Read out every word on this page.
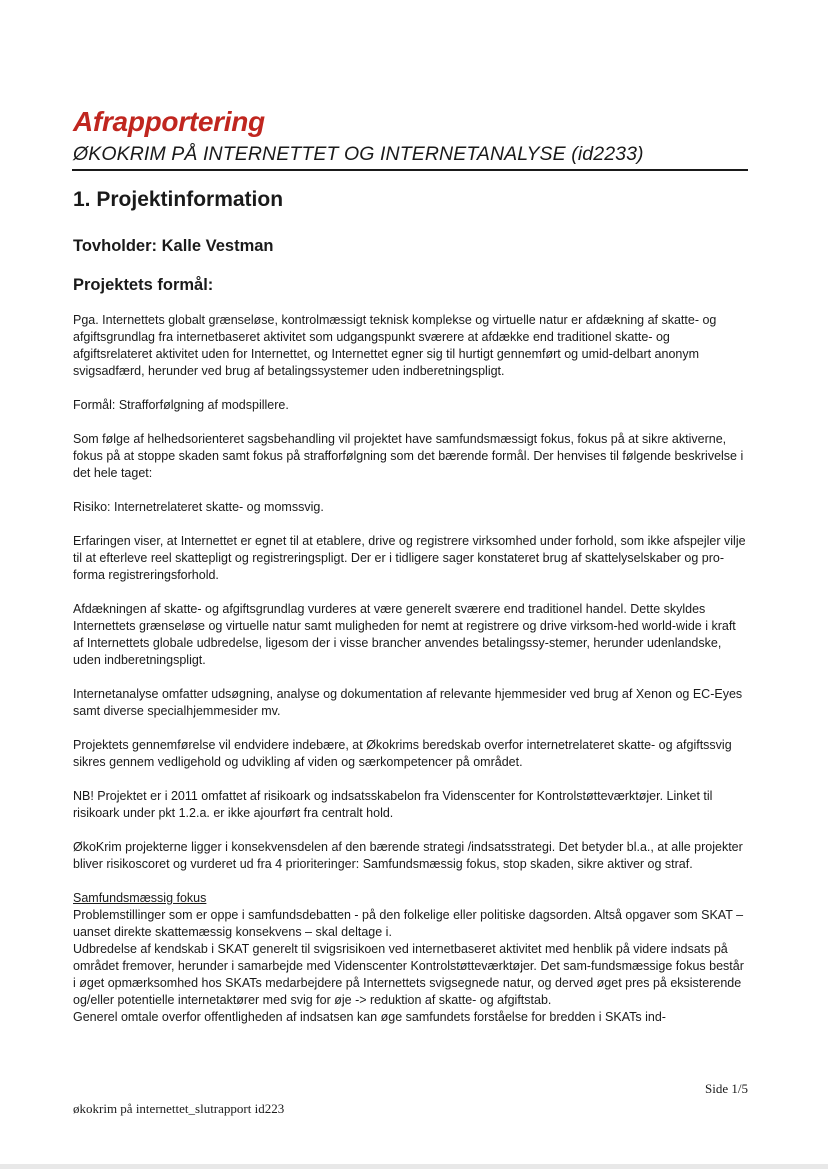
Afrapportering
ØKOKRIM PÅ INTERNETTET OG INTERNETANALYSE (id2233)
1. Projektinformation
Tovholder: Kalle Vestman
Projektets formål:

Pga. Internettets globalt grænseløse, kontrolmæssigt teknisk komplekse og virtuelle natur er afdækning af skatte- og afgiftsgrundlag fra internetbaseret aktivitet som udgangspunkt sværere at afdække end traditionel skatte- og afgiftsrelateret aktivitet uden for Internettet, og Internettet egner sig til hurtigt gennemført og umid-delbart anonym svigsadfærd, herunder ved brug af betalingssystemer uden indberetningspligt.

Formål: Strafforfølgning af modspillere.

Som følge af helhedsorienteret sagsbehandling vil projektet have samfundsmæssigt fokus, fokus på at sikre aktiverne, fokus på at stoppe skaden samt fokus på strafforfølgning som det bærende formål. Der henvises til følgende beskrivelse i det hele taget:

Risiko: Internetrelateret skatte- og momssvig.

Erfaringen viser, at Internettet er egnet til at etablere, drive og registrere virksomhed under forhold, som ikke afspejler vilje til at efterleve reel skattepligt og registreringspligt. Der er i tidligere sager konstateret brug af skattelyselskaber og pro-forma registreringsforhold.

Afdækningen af skatte- og afgiftsgrundlag vurderes at være generelt sværere end traditionel handel. Dette skyldes Internettets grænseløse og virtuelle natur samt muligheden for nemt at registrere og drive virksom-hed world-wide i kraft af Internettets globale udbredelse, ligesom der i visse brancher anvendes betalingssy-stemer, herunder udenlandske, uden indberetningspligt.

Internetanalyse omfatter udsøgning, analyse og dokumentation af relevante hjemmesider ved brug af Xenon og EC-Eyes samt diverse specialhjemmesider mv.

Projektets gennemførelse vil endvidere indebære, at Økokrims beredskab overfor internetrelateret skatte- og afgiftssvig sikres gennem vedligehold og udvikling af viden og særkompetencer på området.

NB! Projektet er i 2011 omfattet af risikoark og indsatsskabelon fra Videnscenter for Kontrolstøtteværktøjer. Linket til risikoark under pkt 1.2.a. er ikke ajourført fra centralt hold.

ØkoKrim projekterne ligger i konsekvensdelen af den bærende strategi /indsatsstrategi. Det betyder bl.a., at alle projekter bliver risikoscoret og vurderet ud fra 4 prioriteringer: Samfundsmæssig fokus, stop skaden, sikre aktiver og straf.

Samfundsmæssig fokus

Problemstillinger som er oppe i samfundsdebatten - på den folkelige eller politiske dagsorden. Altså opgaver som SKAT – uanset direkte skattemæssig konsekvens – skal deltage i.

Udbredelse af kendskab i SKAT generelt til svigsrisikoen ved internetbaseret aktivitet med henblik på videre indsats på området fremover, herunder i samarbejde med Videnscenter Kontrolstøtteværktøjer. Det sam-fundsmæssige fokus består i øget opmærksomhed hos SKATs medarbejdere på Internettets svigsegnede natur, og derved øget pres på eksisterende og/eller potentielle internetaktører med svig for øje -> reduktion af skatte- og afgiftstab.

Generel omtale overfor offentligheden af indsatsen kan øge samfundets forståelse for bredden i SKATs ind-

Side 1/5
økokrim på internettet_slutrapport id223
